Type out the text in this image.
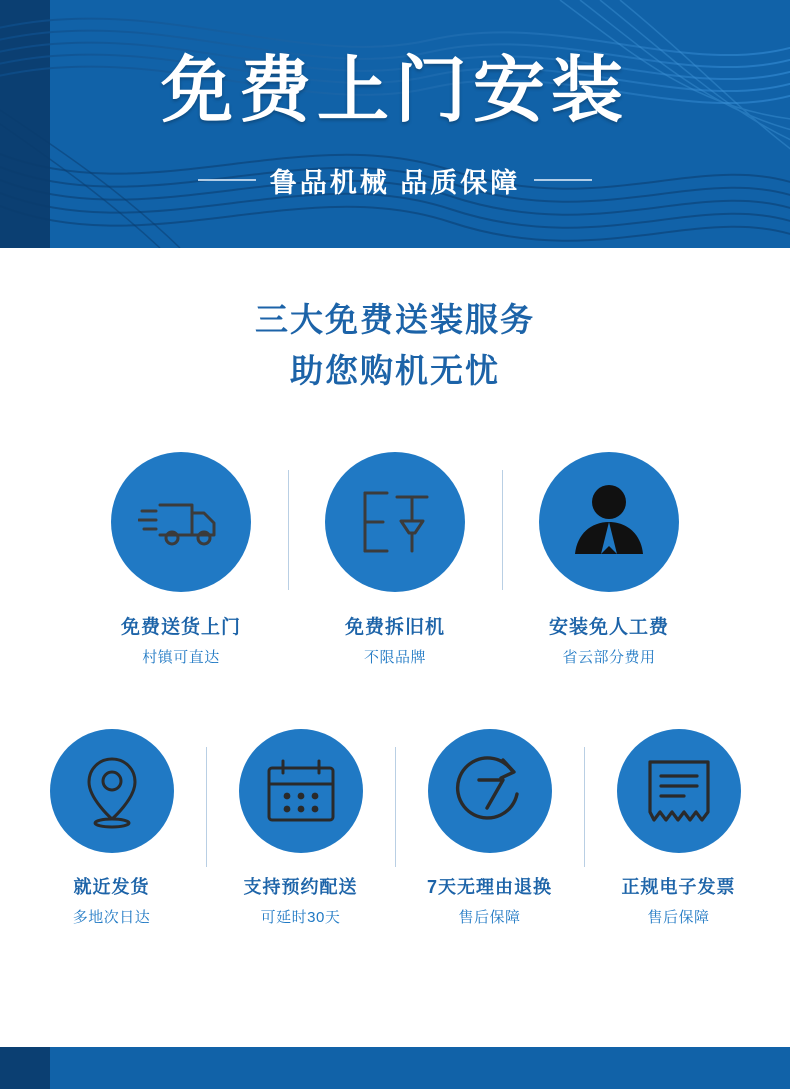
免费上门安装
鲁品机械 品质保障
三大免费送装服务
助您购机无忧
免费送货上门
村镇可直达
免费拆旧机
不限品牌
安装免人工费
省云部分费用
就近发货
多地次日达
支持预约配送
可延时30天
7天无理由退换
售后保障
正规电子发票
售后保障
